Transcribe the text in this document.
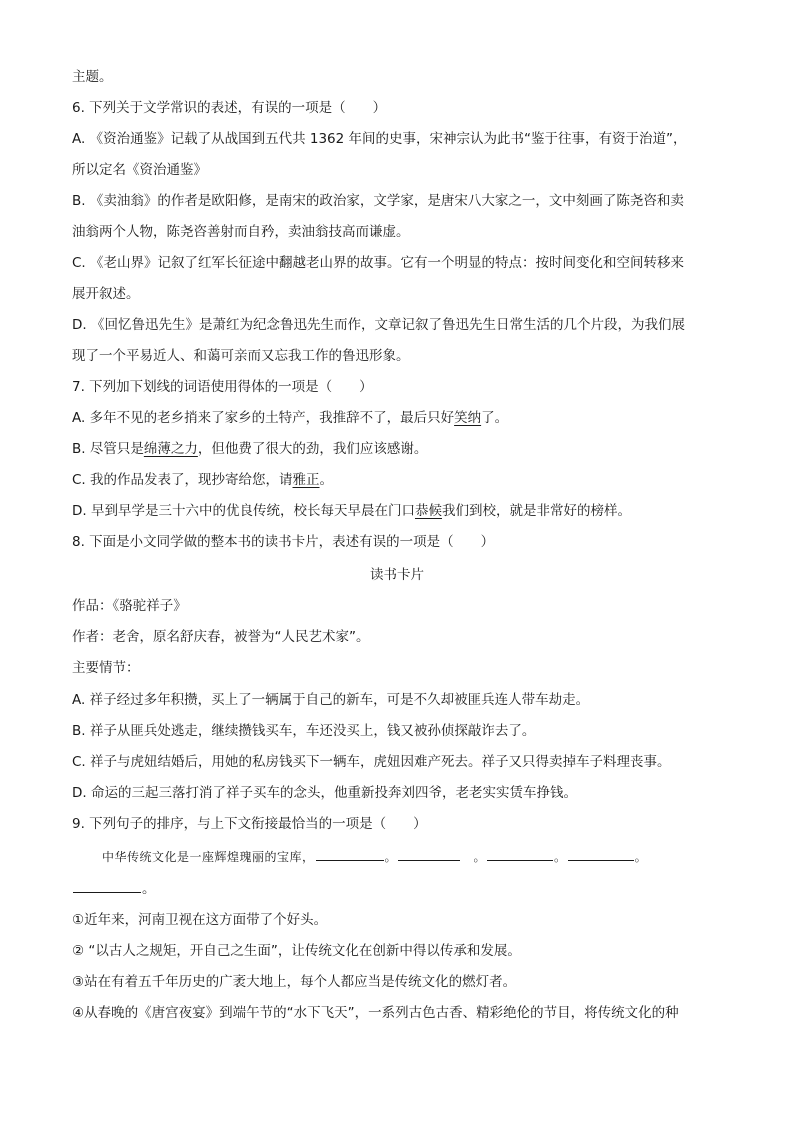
主题。
6. 下列关于文学常识的表述，有误的一项是（　　）
A. 《资治通鉴》记载了从战国到五代共 1362 年间的史事，宋神宗认为此书“鉴于往事，有资于治道”，
所以定名《资治通鉴》
B. 《卖油翁》的作者是欧阳修，是南宋的政治家，文学家，是唐宋八大家之一，文中刻画了陈尧咨和卖
油翁两个人物，陈尧咨善射而自矜，卖油翁技高而谦虚。
C. 《老山界》记叙了红军长征途中翻越老山界的故事。它有一个明显的特点：按时间变化和空间转移来
展开叙述。
D. 《回忆鲁迅先生》是萧红为纪念鲁迅先生而作，文章记叙了鲁迅先生日常生活的几个片段，为我们展
现了一个平易近人、和蔼可亲而又忘我工作的鲁迅形象。
7. 下列加下划线的词语使用得体的一项是（　　）
A. 多年不见的老乡捎来了家乡的土特产，我推辞不了，最后只好笑纳了。
B. 尽管只是绵薄之力，但他费了很大的劲，我们应该感谢。
C. 我的作品发表了，现抄寄给您，请雅正。
D. 早到早学是三十六中的优良传统，校长每天早晨在门口恭候我们到校，就是非常好的榜样。
8. 下面是小文同学做的整本书的读书卡片，表述有误的一项是（　　）
读书卡片
作品：《骆驼祥子》
作者：老舍，原名舒庆春，被誉为“人民艺术家”。
主要情节：
A. 祥子经过多年积攒，买上了一辆属于自己的新车，可是不久却被匪兵连人带车劫走。
B. 祥子从匪兵处逃走，继续攒钱买车，车还没买上，钱又被孙侦探敲诈去了。
C. 祥子与虎妞结婚后，用她的私房钱买下一辆车，虎妞因难产死去。祥子又只得卖掉车子料理丧事。
D. 命运的三起三落打消了祥子买车的念头，他重新投奔刘四爷，老老实实赁车挣钱。
9. 下列句子的排序，与上下文衔接最恰当的一项是（　　）
中华传统文化是一座辉煌瑰丽的宝库，	。	　。	。	。
。
①近年来，河南卫视在这方面带了个好头。
② “以古人之规矩，开自己之生面”，让传统文化在创新中得以传承和发展。
③站在有着五千年历史的广袤大地上，每个人都应当是传统文化的燃灯者。
④从春晚的《唐宫夜宴》到端午节的“水下飞天”，一系列古色古香、精彩绝伦的节目，将传统文化的种
